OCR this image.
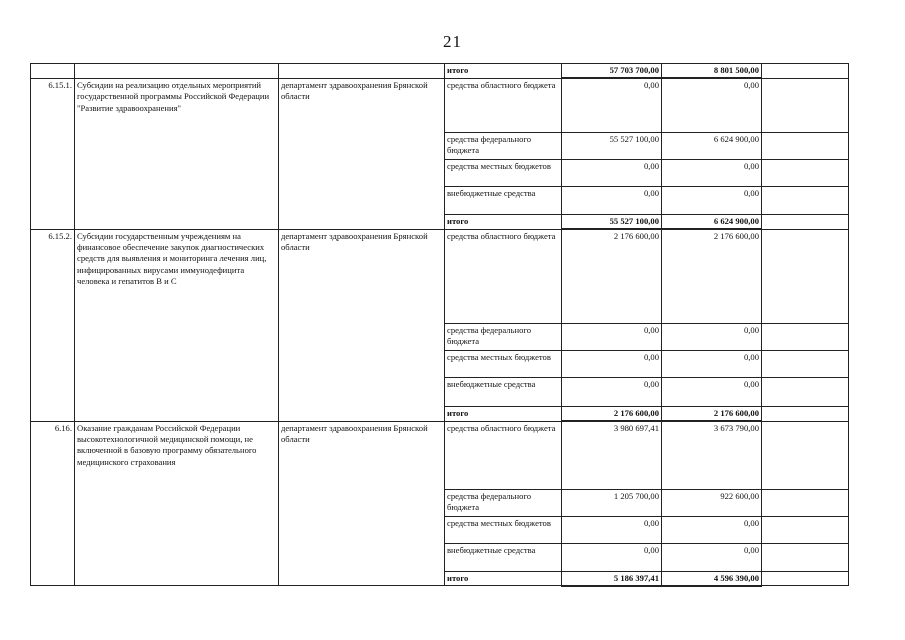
21
			итого	57 703 700,00	8 801 500,00	
6.15.1.	Субсидии на реализацию отдельных мероприятий государственной программы Российской Федерации "Развитие здравоохранения"	департамент здравоохранения Брянской области	средства областного бюджета	0,00	0,00	
			средства федерального бюджета	55 527 100,00	6 624 900,00	
			средства местных бюджетов	0,00	0,00	
			внебюджетные средства	0,00	0,00	
			итого	55 527 100,00	6 624 900,00	
6.15.2.	Субсидии государственным учреждениям на финансовое обеспечение закупок диагностических средств для выявления и мониторинга лечения лиц, инфицированных вирусами иммунодефицита человека и гепатитов В и С	департамент здравоохранения Брянской области	средства областного бюджета	2 176 600,00	2 176 600,00	
			средства федерального бюджета	0,00	0,00	
			средства местных бюджетов	0,00	0,00	
			внебюджетные средства	0,00	0,00	
			итого	2 176 600,00	2 176 600,00	
6.16.	Оказание гражданам Российской Федерации высокотехнологичной медицинской помощи, не включенной в базовую программу обязательного медицинского страхования	департамент здравоохранения Брянской области	средства областного бюджета	3 980 697,41	3 673 790,00	
			средства федерального бюджета	1 205 700,00	922 600,00	
			средства местных бюджетов	0,00	0,00	
			внебюджетные средства	0,00	0,00	
			итого	5 186 397,41	4 596 390,00	
